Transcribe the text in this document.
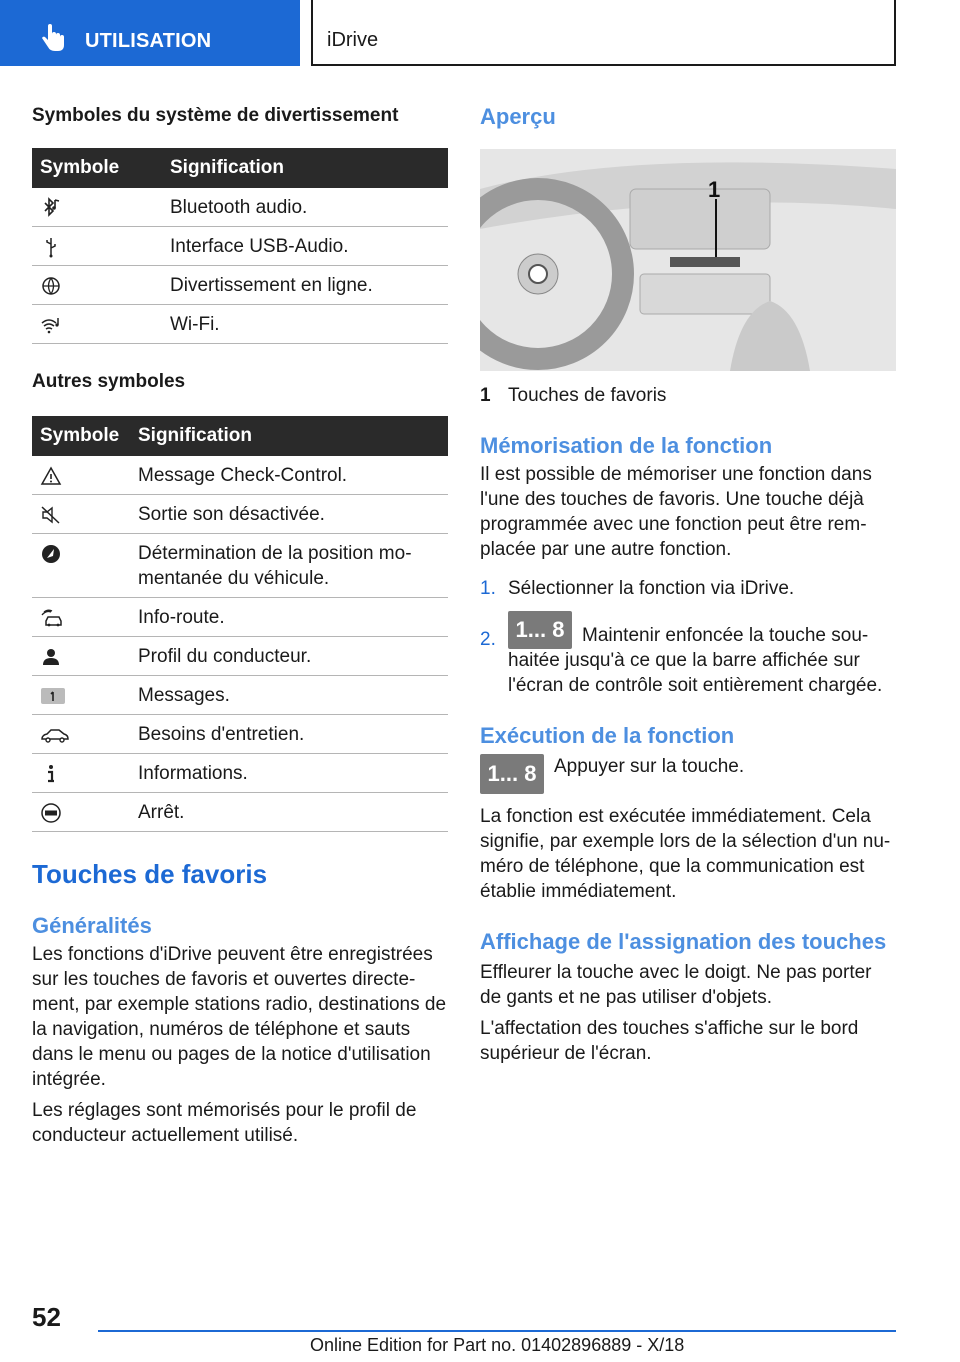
UTILISATION	iDrive
Symboles du système de divertissement
Symbole	Signification
	Bluetooth audio.
	Interface USB-Audio.
	Divertissement en ligne.
	Wi-Fi.
Autres symboles
Symbole	Signification
	Message Check-Control.
	Sortie son désactivée.
	Détermination de la position mo-mentanée du véhicule.
	Info-route.
	Profil du conducteur.
	Messages.
	Besoins d'entretien.
	Informations.
	Arrêt.
Touches de favoris
Généralités
Les fonctions d'iDrive peuvent être enregistrées sur les touches de favoris et ouvertes directe-ment, par exemple stations radio, destinations de la navigation, numéros de téléphone et sauts dans le menu ou pages de la notice d'utilisation intégrée.
Les réglages sont mémorisés pour le profil de conducteur actuellement utilisé.
Aperçu
1
1 Touches de favoris
Mémorisation de la fonction
Il est possible de mémoriser une fonction dans l'une des touches de favoris. Une touche déjà programmée avec une fonction peut être rem-placée par une autre fonction.
1. Sélectionner la fonction via iDrive.
2. 1... 8 Maintenir enfoncée la touche sou-haitée jusqu'à ce que la barre affichée sur l'écran de contrôle soit entièrement chargée.
Exécution de la fonction
1... 8 Appuyer sur la touche.
La fonction est exécutée immédiatement. Cela signifie, par exemple lors de la sélection d'un nu-méro de téléphone, que la communication est établie immédiatement.
Affichage de l'assignation des touches
Effleurer la touche avec le doigt. Ne pas porter de gants et ne pas utiliser d'objets.
L'affectation des touches s'affiche sur le bord supérieur de l'écran.
52
Online Edition for Part no. 01402896889 - X/18
